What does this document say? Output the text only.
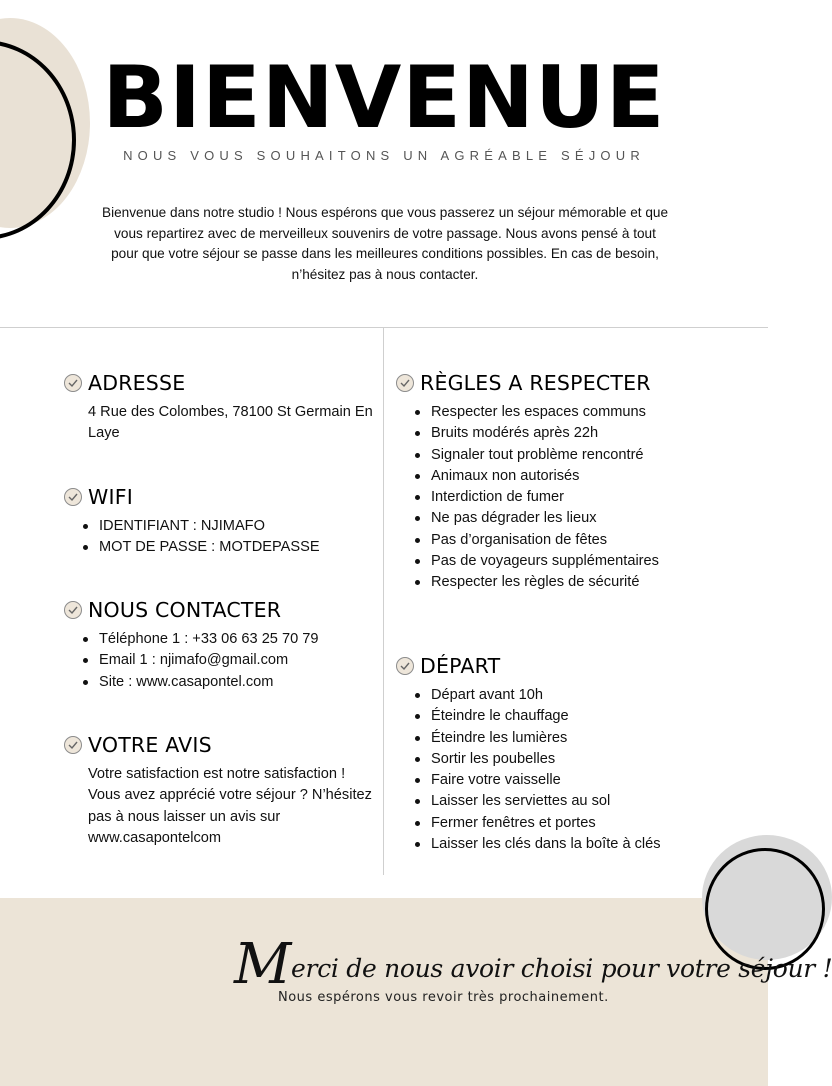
BIENVENUE
NOUS VOUS SOUHAITONS UN AGRÉABLE SÉJOUR

Bienvenue dans notre studio ! Nous espérons que vous passerez un séjour mémorable et que vous repartirez avec de merveilleux souvenirs de votre passage. Nous avons pensé à tout pour que votre séjour se passe dans les meilleures conditions possibles. En cas de besoin, n’hésitez pas à nous contacter.

ADRESSE

4 Rue des Colombes, 78100 St Germain En Laye

WIFI
IDENTIFIANT : NJIMAFO
MOT DE PASSE : MOTDEPASSE
NOUS CONTACTER
Téléphone 1 : +33 06 63 25 70 79
Email 1 : njimafo@gmail.com
Site : www.casapontel.com
VOTRE AVIS

Votre satisfaction est notre satisfaction ! Vous avez apprécié votre séjour ? N’hésitez pas à nous laisser un avis sur www.casapontelcom

RÈGLES A RESPECTER
Respecter les espaces communs
Bruits modérés après 22h
Signaler tout problème rencontré
Animaux non autorisés
Interdiction de fumer
Ne pas dégrader les lieux
Pas d’organisation de fêtes
Pas de voyageurs supplémentaires
Respecter les règles de sécurité
DÉPART
Départ avant 10h
Éteindre le chauffage
Éteindre les lumières
Sortir les poubelles
Faire votre vaisselle
Laisser les serviettes au sol
Fermer fenêtres et portes
Laisser les clés dans la boîte à clés
Merci de nous avoir choisi pour votre séjour !
Nous espérons vous revoir très prochainement.
